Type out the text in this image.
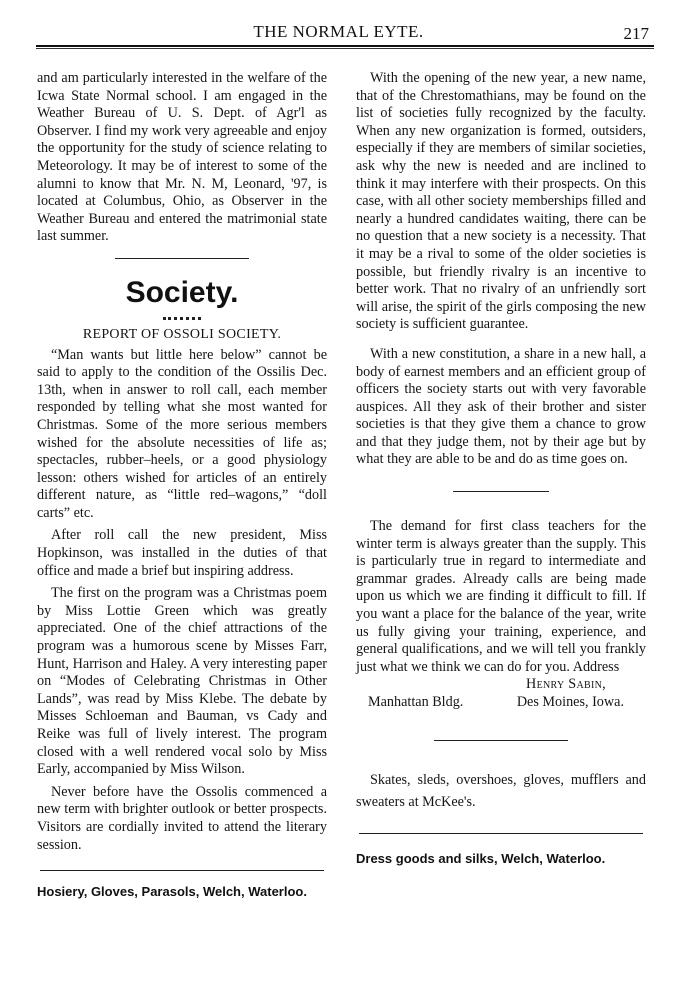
THE NORMAL EYTE.	217

and am particularly interested in the welfare of the Icwa State Normal school. I am engaged in the Weather Bureau of U. S. Dept. of Agr'l as Observer. I find my work very agreeable and enjoy the opportunity for the study of science relating to Meteorology. It may be of interest to some of the alumni to know that Mr. N. M, Leonard, '97, is located at Columbus, Ohio, as Observer in the Weather Bureau and entered the matrimonial state last summer.

Society.
REPORT OF OSSOLI SOCIETY.

“Man wants but little here below” cannot be said to apply to the condition of the Ossilis Dec. 13th, when in answer to roll call, each member responded by telling what she most wanted for Christmas. Some of the more serious members wished for the absolute necessities of life as; spectacles, rubber–heels, or a good physiology lesson: others wished for articles of an entirely different nature, as “little red–wagons,” “doll carts” etc.

After roll call the new president, Miss Hopkinson, was installed in the duties of that office and made a brief but inspiring address.

The first on the program was a Christmas poem by Miss Lottie Green which was greatly appreciated. One of the chief attractions of the program was a humorous scene by Misses Farr, Hunt, Harrison and Haley. A very interesting paper on “Modes of Celebrating Christmas in Other Lands”, was read by Miss Klebe. The debate by Misses Schloeman and Bauman, vs Cady and Reike was full of lively interest. The program closed with a well rendered vocal solo by Miss Early, accompanied by Miss Wilson.

Never before have the Ossolis commenced a new term with brighter outlook or better prospects. Visitors are cordially invited to attend the literary session.

Hosiery, Gloves, Parasols, Welch, Waterloo.

With the opening of the new year, a new name, that of the Chrestomathians, may be found on the list of societies fully recognized by the faculty. When any new organization is formed, outsiders, especially if they are members of similar societies, ask why the new is needed and are inclined to think it may interfere with their prospects. On this case, with all other society memberships filled and nearly a hundred candidates waiting, there can be no question that a new society is a necessity. That it may be a rival to some of the older societies is possible, but friendly rivalry is an incentive to better work. That no rivalry of an unfriendly sort will arise, the spirit of the girls composing the new society is sufficient guarantee.

With a new constitution, a share in a new hall, a body of earnest members and an efficient group of officers the society starts out with very favorable auspices. All they ask of their brother and sister societies is that they give them a chance to grow and that they judge them, not by their age but by what they are able to be and do as time goes on.

The demand for first class teachers for the winter term is always greater than the supply. This is particularly true in regard to intermediate and grammar grades. Already calls are being made upon us which we are finding it difficult to fill. If you want a place for the balance of the year, write us fully giving your training, experience, and general qualifications, and we will tell you frankly just what we think we can do for you. Address

Henry Sabin,
Manhattan Bldg.	Des Moines, Iowa.

Skates, sleds, overshoes, gloves, mufflers and sweaters at McKee's.

Dress goods and silks, Welch, Waterloo.
